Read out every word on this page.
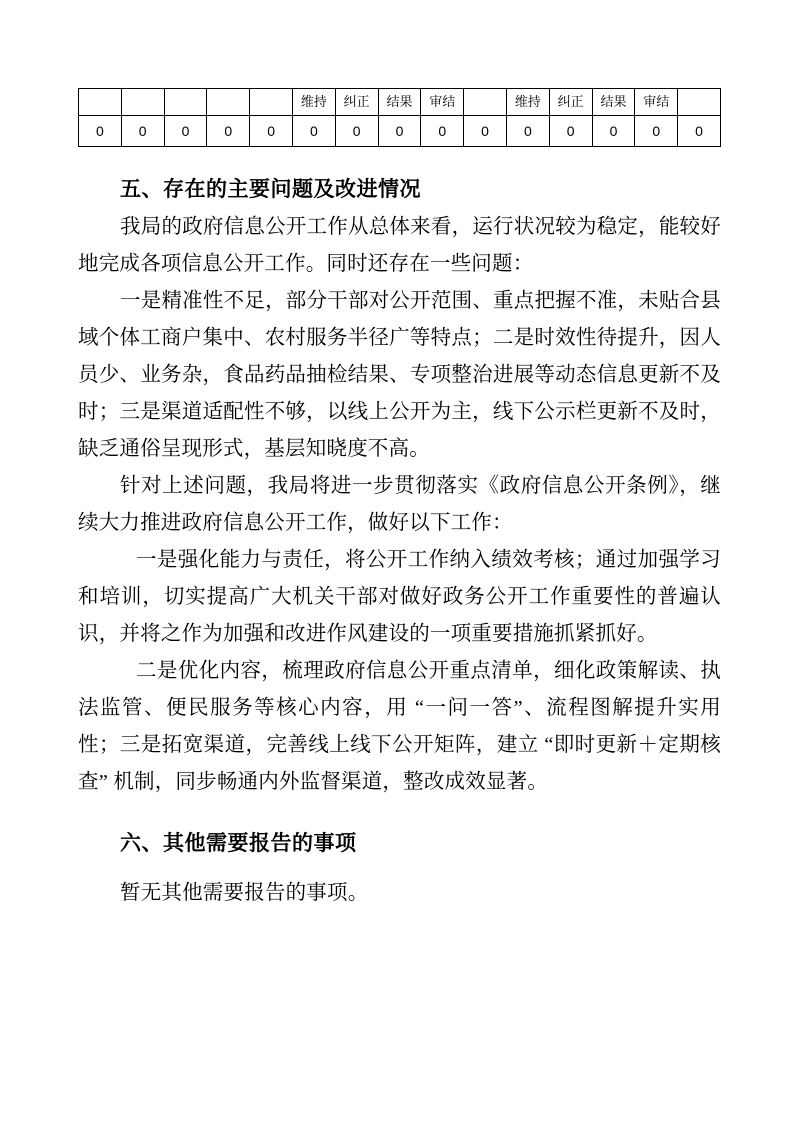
					维持	纠正	结果	审结		维持	纠正	结果	审结	
0	0	0	0	0	0	0	0	0	0	0	0	0	0	0
五、存在的主要问题及改进情况

我局的政府信息公开工作从总体来看，运行状况较为稳定，能较好地完成各项信息公开工作。同时还存在一些问题：

一是精准性不足，部分干部对公开范围、重点把握不准，未贴合县域个体工商户集中、农村服务半径广等特点；二是时效性待提升，因人员少、业务杂，食品药品抽检结果、专项整治进展等动态信息更新不及时；三是渠道适配性不够，以线上公开为主，线下公示栏更新不及时，缺乏通俗呈现形式，基层知晓度不高。

针对上述问题，我局将进一步贯彻落实《政府信息公开条例》，继续大力推进政府信息公开工作，做好以下工作：

一是强化能力与责任，将公开工作纳入绩效考核；通过加强学习和培训，切实提高广大机关干部对做好政务公开工作重要性的普遍认识，并将之作为加强和改进作风建设的一项重要措施抓紧抓好。

二是优化内容，梳理政府信息公开重点清单，细化政策解读、执法监管、便民服务等核心内容，用 “一问一答”、流程图解提升实用性；三是拓宽渠道，完善线上线下公开矩阵，建立 “即时更新＋定期核查” 机制，同步畅通内外监督渠道，整改成效显著。

六、其他需要报告的事项

暂无其他需要报告的事项。
